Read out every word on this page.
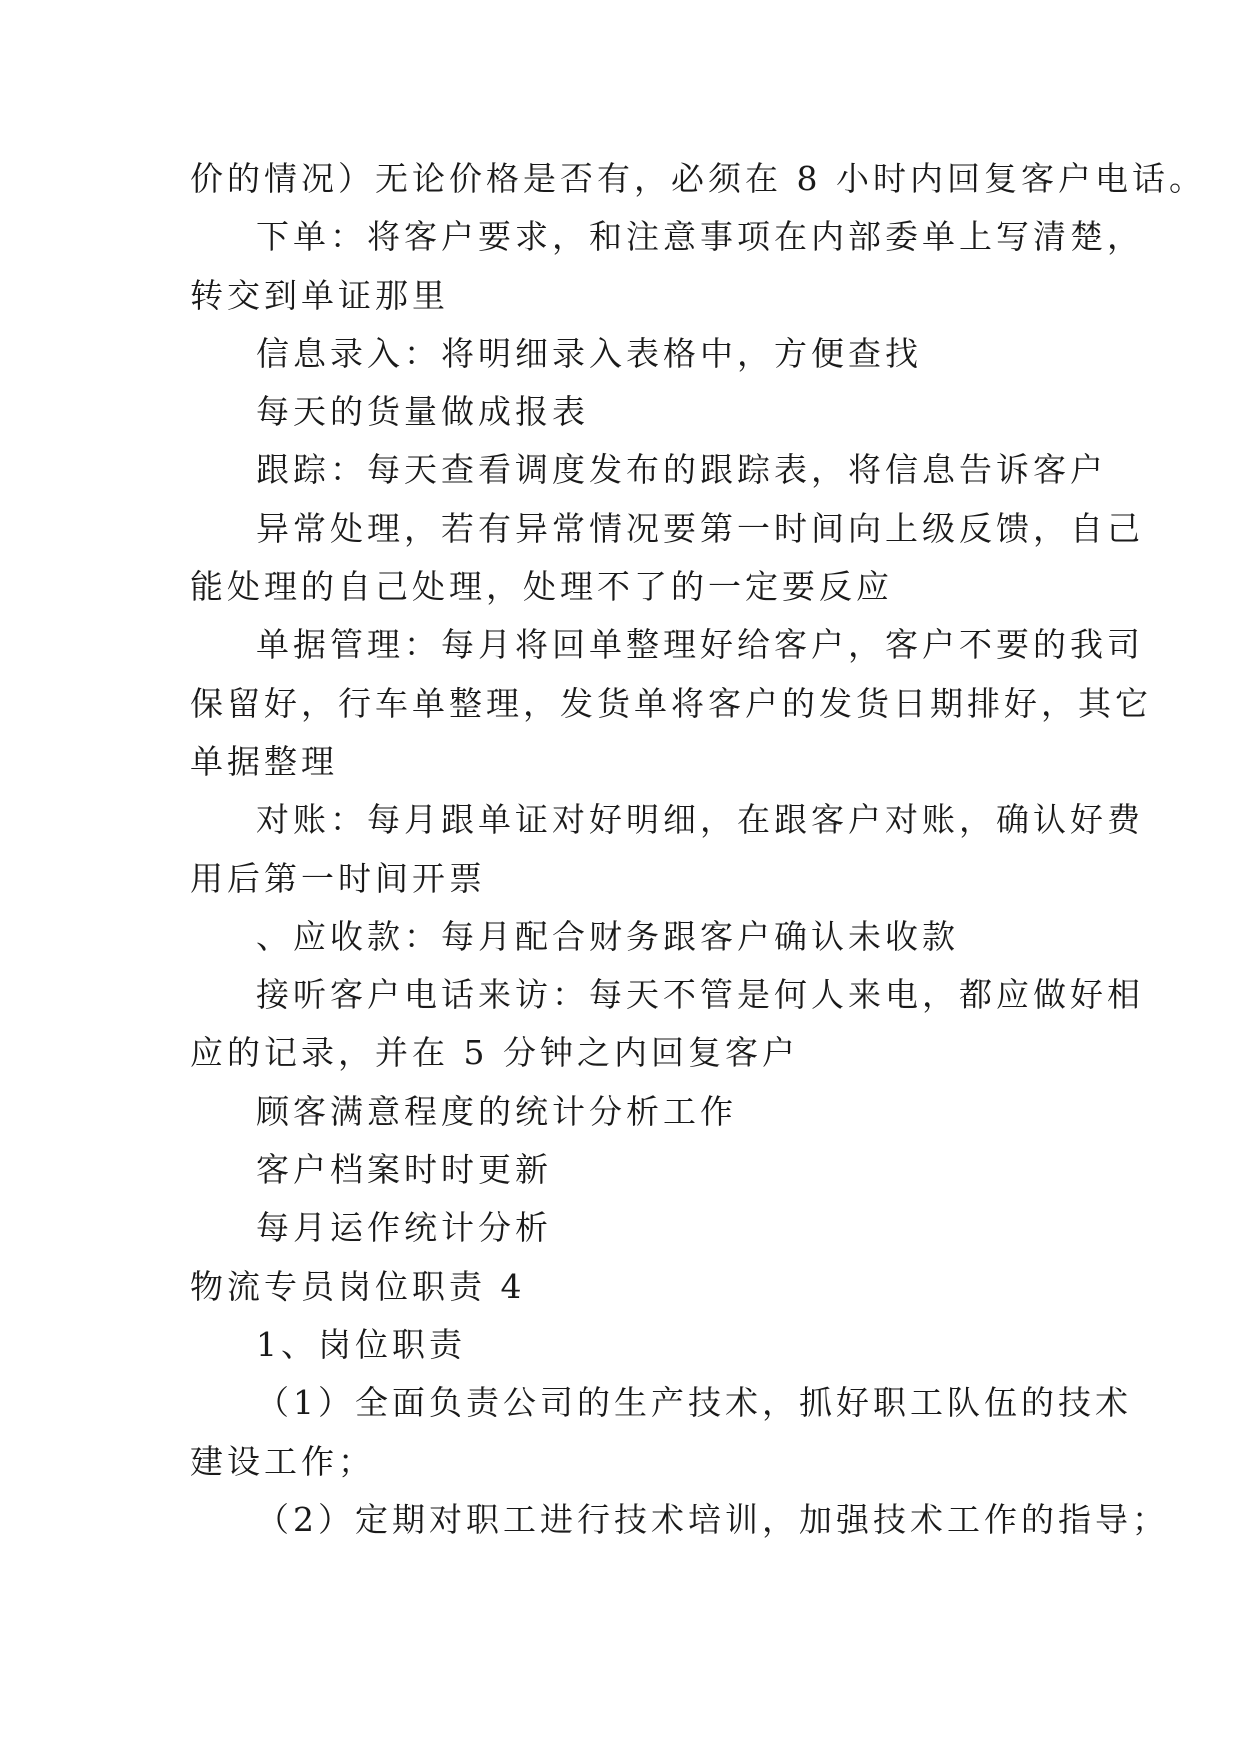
价的情况）无论价格是否有，必须在 8 小时内回复客户电话。
下单：将客户要求，和注意事项在内部委单上写清楚，
转交到单证那里
信息录入：将明细录入表格中，方便查找
每天的货量做成报表
跟踪：每天查看调度发布的跟踪表，将信息告诉客户
异常处理，若有异常情况要第一时间向上级反馈，自己
能处理的自己处理，处理不了的一定要反应
单据管理：每月将回单整理好给客户，客户不要的我司
保留好，行车单整理，发货单将客户的发货日期排好，其它
单据整理
对账：每月跟单证对好明细，在跟客户对账，确认好费
用后第一时间开票
、应收款：每月配合财务跟客户确认未收款
接听客户电话来访：每天不管是何人来电，都应做好相
应的记录，并在 5 分钟之内回复客户
顾客满意程度的统计分析工作
客户档案时时更新
每月运作统计分析
物流专员岗位职责 4
1、岗位职责
（1）全面负责公司的生产技术，抓好职工队伍的技术
建设工作；
（2）定期对职工进行技术培训，加强技术工作的指导；
